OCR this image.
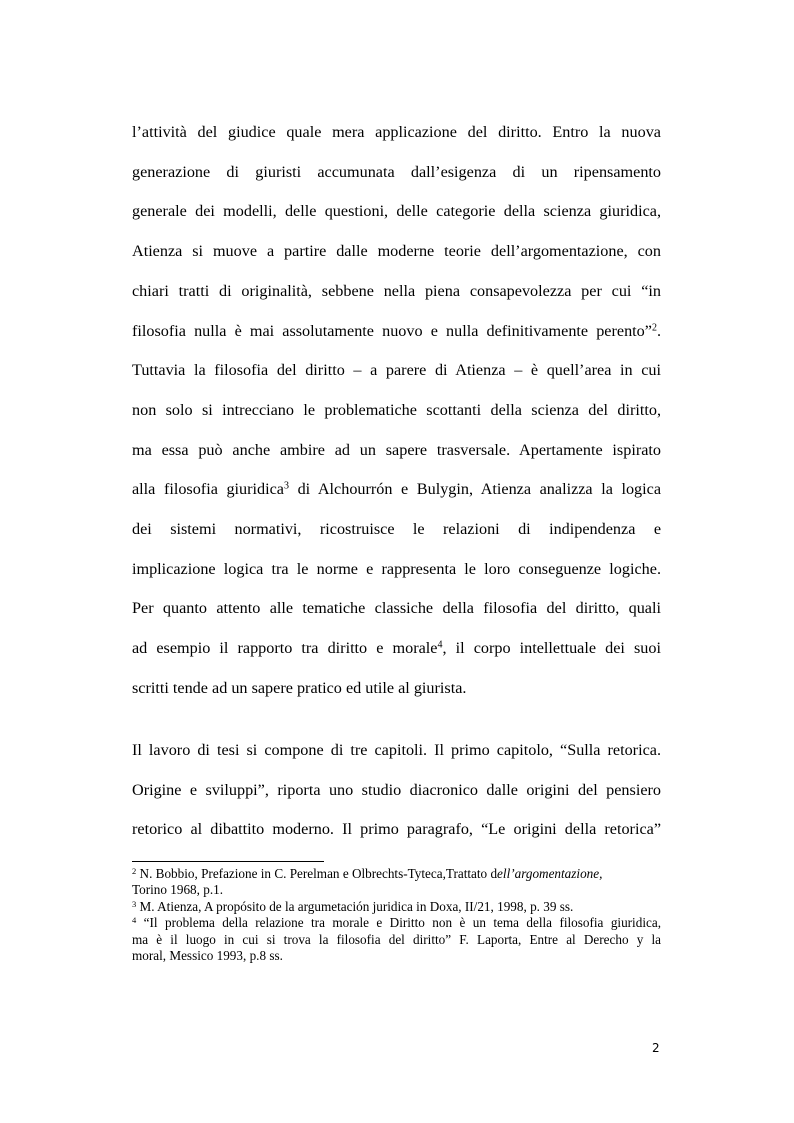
l’attività del giudice quale mera applicazione del diritto. Entro la nuova
generazione di giuristi accumunata dall’esigenza di un ripensamento
generale dei modelli, delle questioni, delle categorie della scienza giuridica,
Atienza si muove a partire dalle moderne teorie dell’argomentazione, con
chiari tratti di originalità, sebbene nella piena consapevolezza per cui “in
filosofia nulla è mai assolutamente nuovo e nulla definitivamente perento”$^2$.
Tuttavia la filosofia del diritto – a parere di Atienza – è quell’area in cui
non solo si intrecciano le problematiche scottanti della scienza del diritto,
ma essa può anche ambire ad un sapere trasversale. Apertamente ispirato
alla filosofia giuridica$^3$ di Alchourrón e Bulygin, Atienza analizza la logica
dei sistemi normativi, ricostruisce le relazioni di indipendenza e
implicazione logica tra le norme e rappresenta le loro conseguenze logiche.
Per quanto attento alle tematiche classiche della filosofia del diritto, quali
ad esempio il rapporto tra diritto e morale$^4$, il corpo intellettuale dei suoi
scritti tende ad un sapere pratico ed utile al giurista.
Il lavoro di tesi si compone di tre capitoli. Il primo capitolo, “Sulla retorica.
Origine e sviluppi”, riporta uno studio diacronico dalle origini del pensiero
retorico al dibattito moderno. Il primo paragrafo, “Le origini della retorica”
$^2$ N. Bobbio, Prefazione in C. Perelman e Olbrechts-Tyteca,Trattato dell’argomentazione,
Torino 1968, p.1.
$^3$ M. Atienza, A propósito de la argumetación juridica in Doxa, II/21, 1998, p. 39 ss.
$^4$ “Il problema della relazione tra morale e Diritto non è un tema della filosofia giuridica,
ma è il luogo in cui si trova la filosofia del diritto” F. Laporta, Entre al Derecho y la
moral, Messico 1993, p.8 ss.
2
